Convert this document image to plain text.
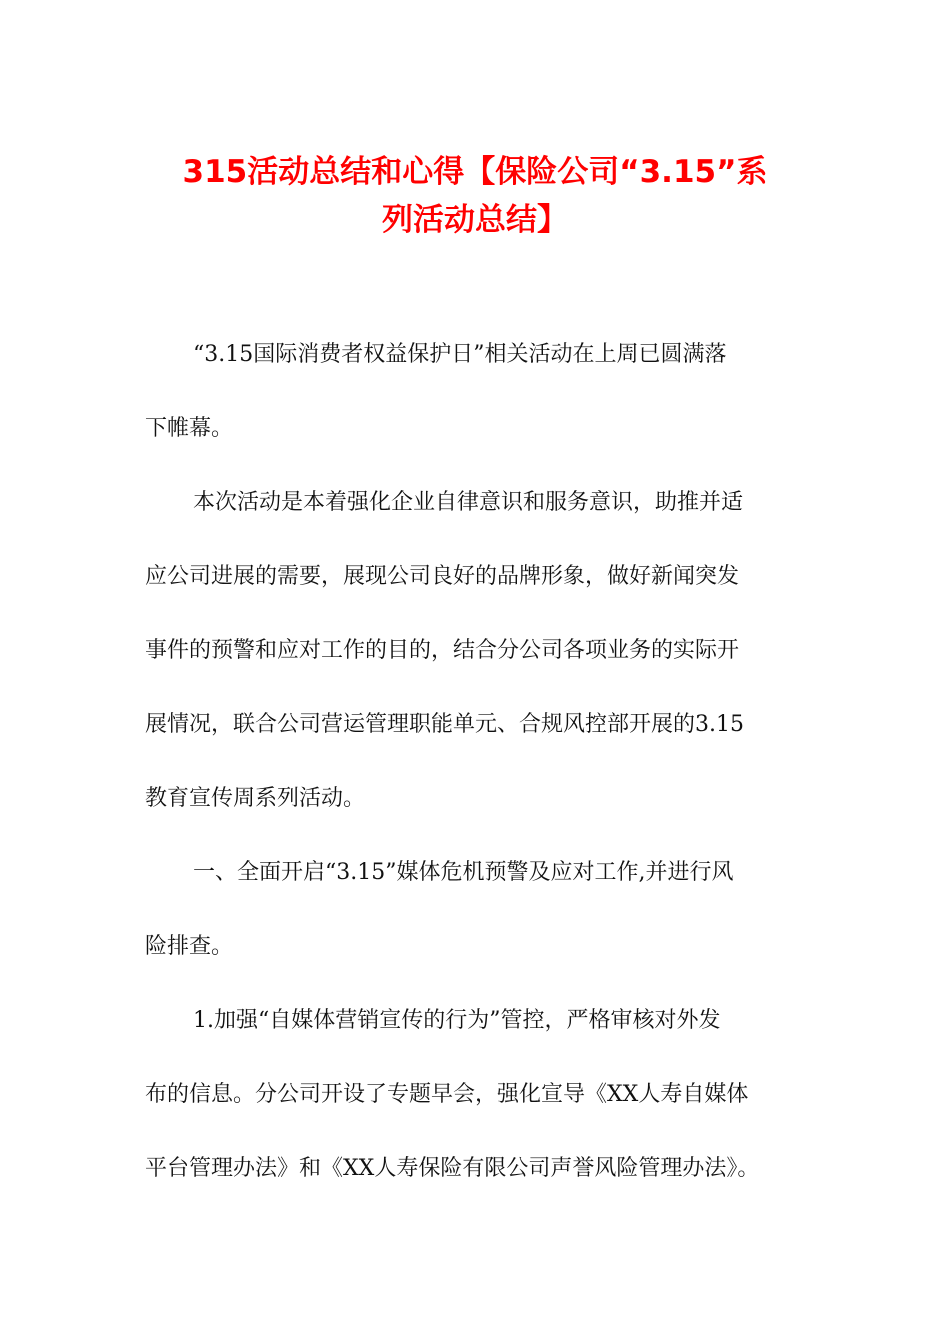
315活动总结和心得【保险公司“3.15”系
列活动总结】
“3.15国际消费者权益保护日”相关活动在上周已圆满落
下帷幕。
本次活动是本着强化企业自律意识和服务意识，助推并适
应公司进展的需要，展现公司良好的品牌形象，做好新闻突发
事件的预警和应对工作的目的，结合分公司各项业务的实际开
展情况，联合公司营运管理职能单元、合规风控部开展的3.15
教育宣传周系列活动。
一、全面开启“3.15”媒体危机预警及应对工作,并进行风
险排查。
1.加强“自媒体营销宣传的行为”管控，严格审核对外发
布的信息。分公司开设了专题早会，强化宣导《XX人寿自媒体
平台管理办法》和《XX人寿保险有限公司声誉风险管理办法》。
